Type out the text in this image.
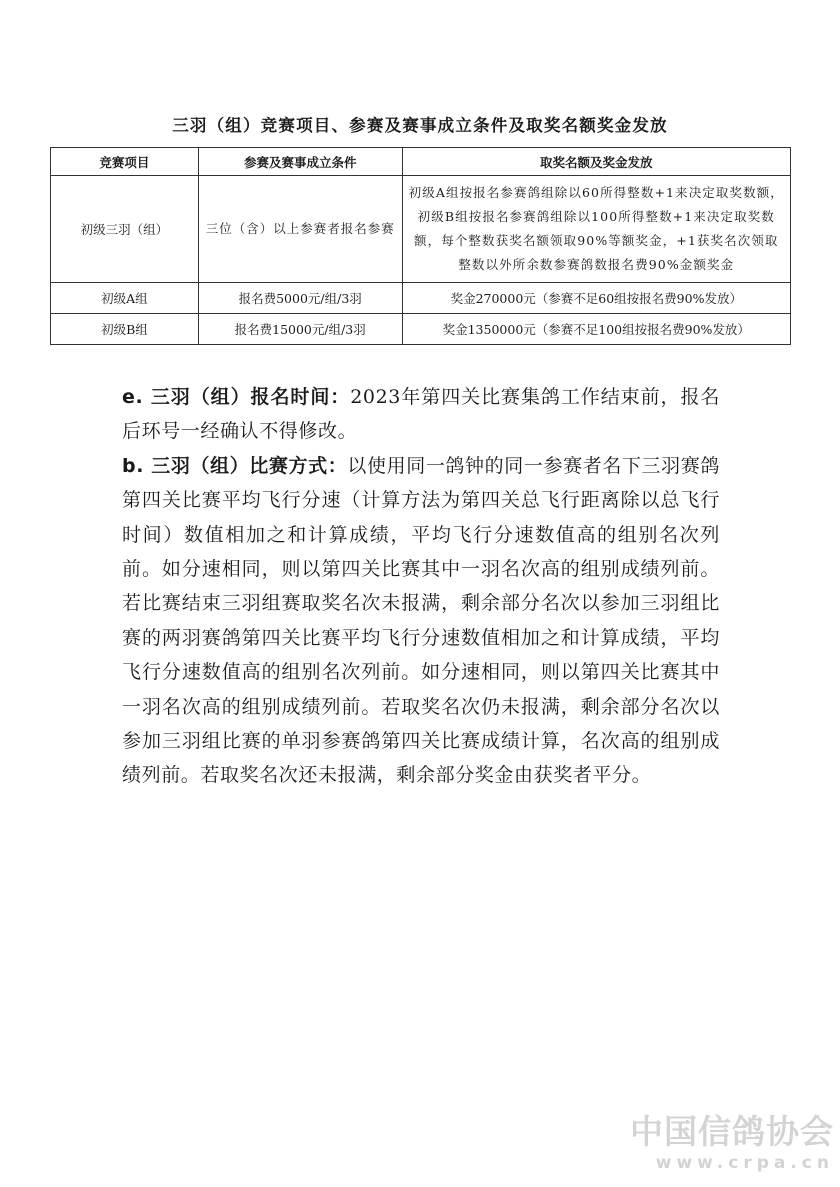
三羽（组）竞赛项目、参赛及赛事成立条件及取奖名额奖金发放
竞赛项目	参赛及赛事成立条件	取奖名额及奖金发放
初级三羽（组）	三位（含）以上参赛者报名参赛	初级A组按报名参赛鸽组除以60所得整数+1来决定取奖数额，初级B组按报名参赛鸽组除以100所得整数+1来决定取奖数额，每个整数获奖名额领取90%等额奖金，+1获奖名次领取整数以外所余数参赛鸽数报名费90%金额奖金
初级A组	报名费5000元/组/3羽	奖金270000元（参赛不足60组按报名费90%发放）
初级B组	报名费15000元/组/3羽	奖金1350000元（参赛不足100组按报名费90%发放）

e. 三羽（组）报名时间：2023年第四关比赛集鸽工作结束前，报名后环号一经确认不得修改。

b. 三羽（组）比赛方式：以使用同一鸽钟的同一参赛者名下三羽赛鸽第四关比赛平均飞行分速（计算方法为第四关总飞行距离除以总飞行时间）数值相加之和计算成绩，平均飞行分速数值高的组别名次列前。如分速相同，则以第四关比赛其中一羽名次高的组别成绩列前。若比赛结束三羽组赛取奖名次未报满，剩余部分名次以参加三羽组比赛的两羽赛鸽第四关比赛平均飞行分速数值相加之和计算成绩，平均飞行分速数值高的组别名次列前。如分速相同，则以第四关比赛其中一羽名次高的组别成绩列前。若取奖名次仍未报满，剩余部分名次以参加三羽组比赛的单羽参赛鸽第四关比赛成绩计算，名次高的组别成绩列前。若取奖名次还未报满，剩余部分奖金由获奖者平分。

中国信鸽协会
www.crpa.cn
